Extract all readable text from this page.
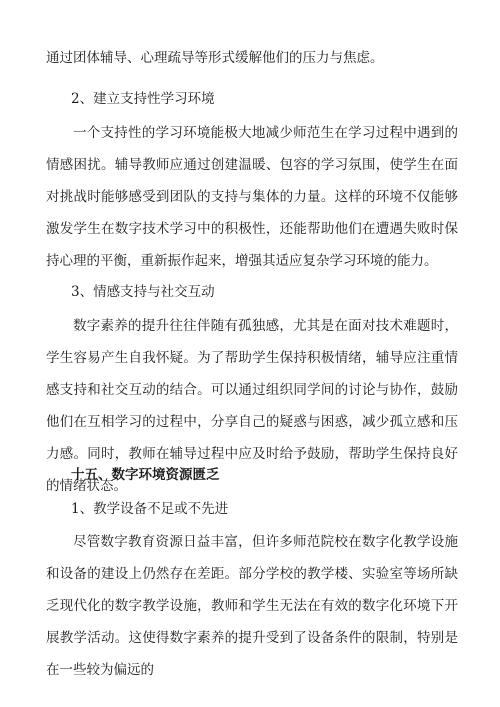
通过团体辅导、心理疏导等形式缓解他们的压力与焦虑。
2、建立支持性学习环境
一个支持性的学习环境能极大地减少师范生在学习过程中遇到的情感困扰。辅导教师应通过创建温暖、包容的学习氛围，使学生在面对挑战时能够感受到团队的支持与集体的力量。这样的环境不仅能够激发学生在数字技术学习中的积极性，还能帮助他们在遭遇失败时保持心理的平衡，重新振作起来，增强其适应复杂学习环境的能力。
3、情感支持与社交互动
数字素养的提升往往伴随有孤独感，尤其是在面对技术难题时，学生容易产生自我怀疑。为了帮助学生保持积极情绪，辅导应注重情感支持和社交互动的结合。可以通过组织同学间的讨论与协作，鼓励他们在互相学习的过程中，分享自己的疑惑与困惑，减少孤立感和压力感。同时，教师在辅导过程中应及时给予鼓励，帮助学生保持良好的情绪状态。
十五、数字环境资源匮乏
1、教学设备不足或不先进
尽管数字教育资源日益丰富，但许多师范院校在数字化教学设施和设备的建设上仍然存在差距。部分学校的教学楼、实验室等场所缺乏现代化的数字教学设施，教师和学生无法在有效的数字化环境下开展教学活动。这使得数字素养的提升受到了设备条件的限制，特别是在一些较为偏远的
